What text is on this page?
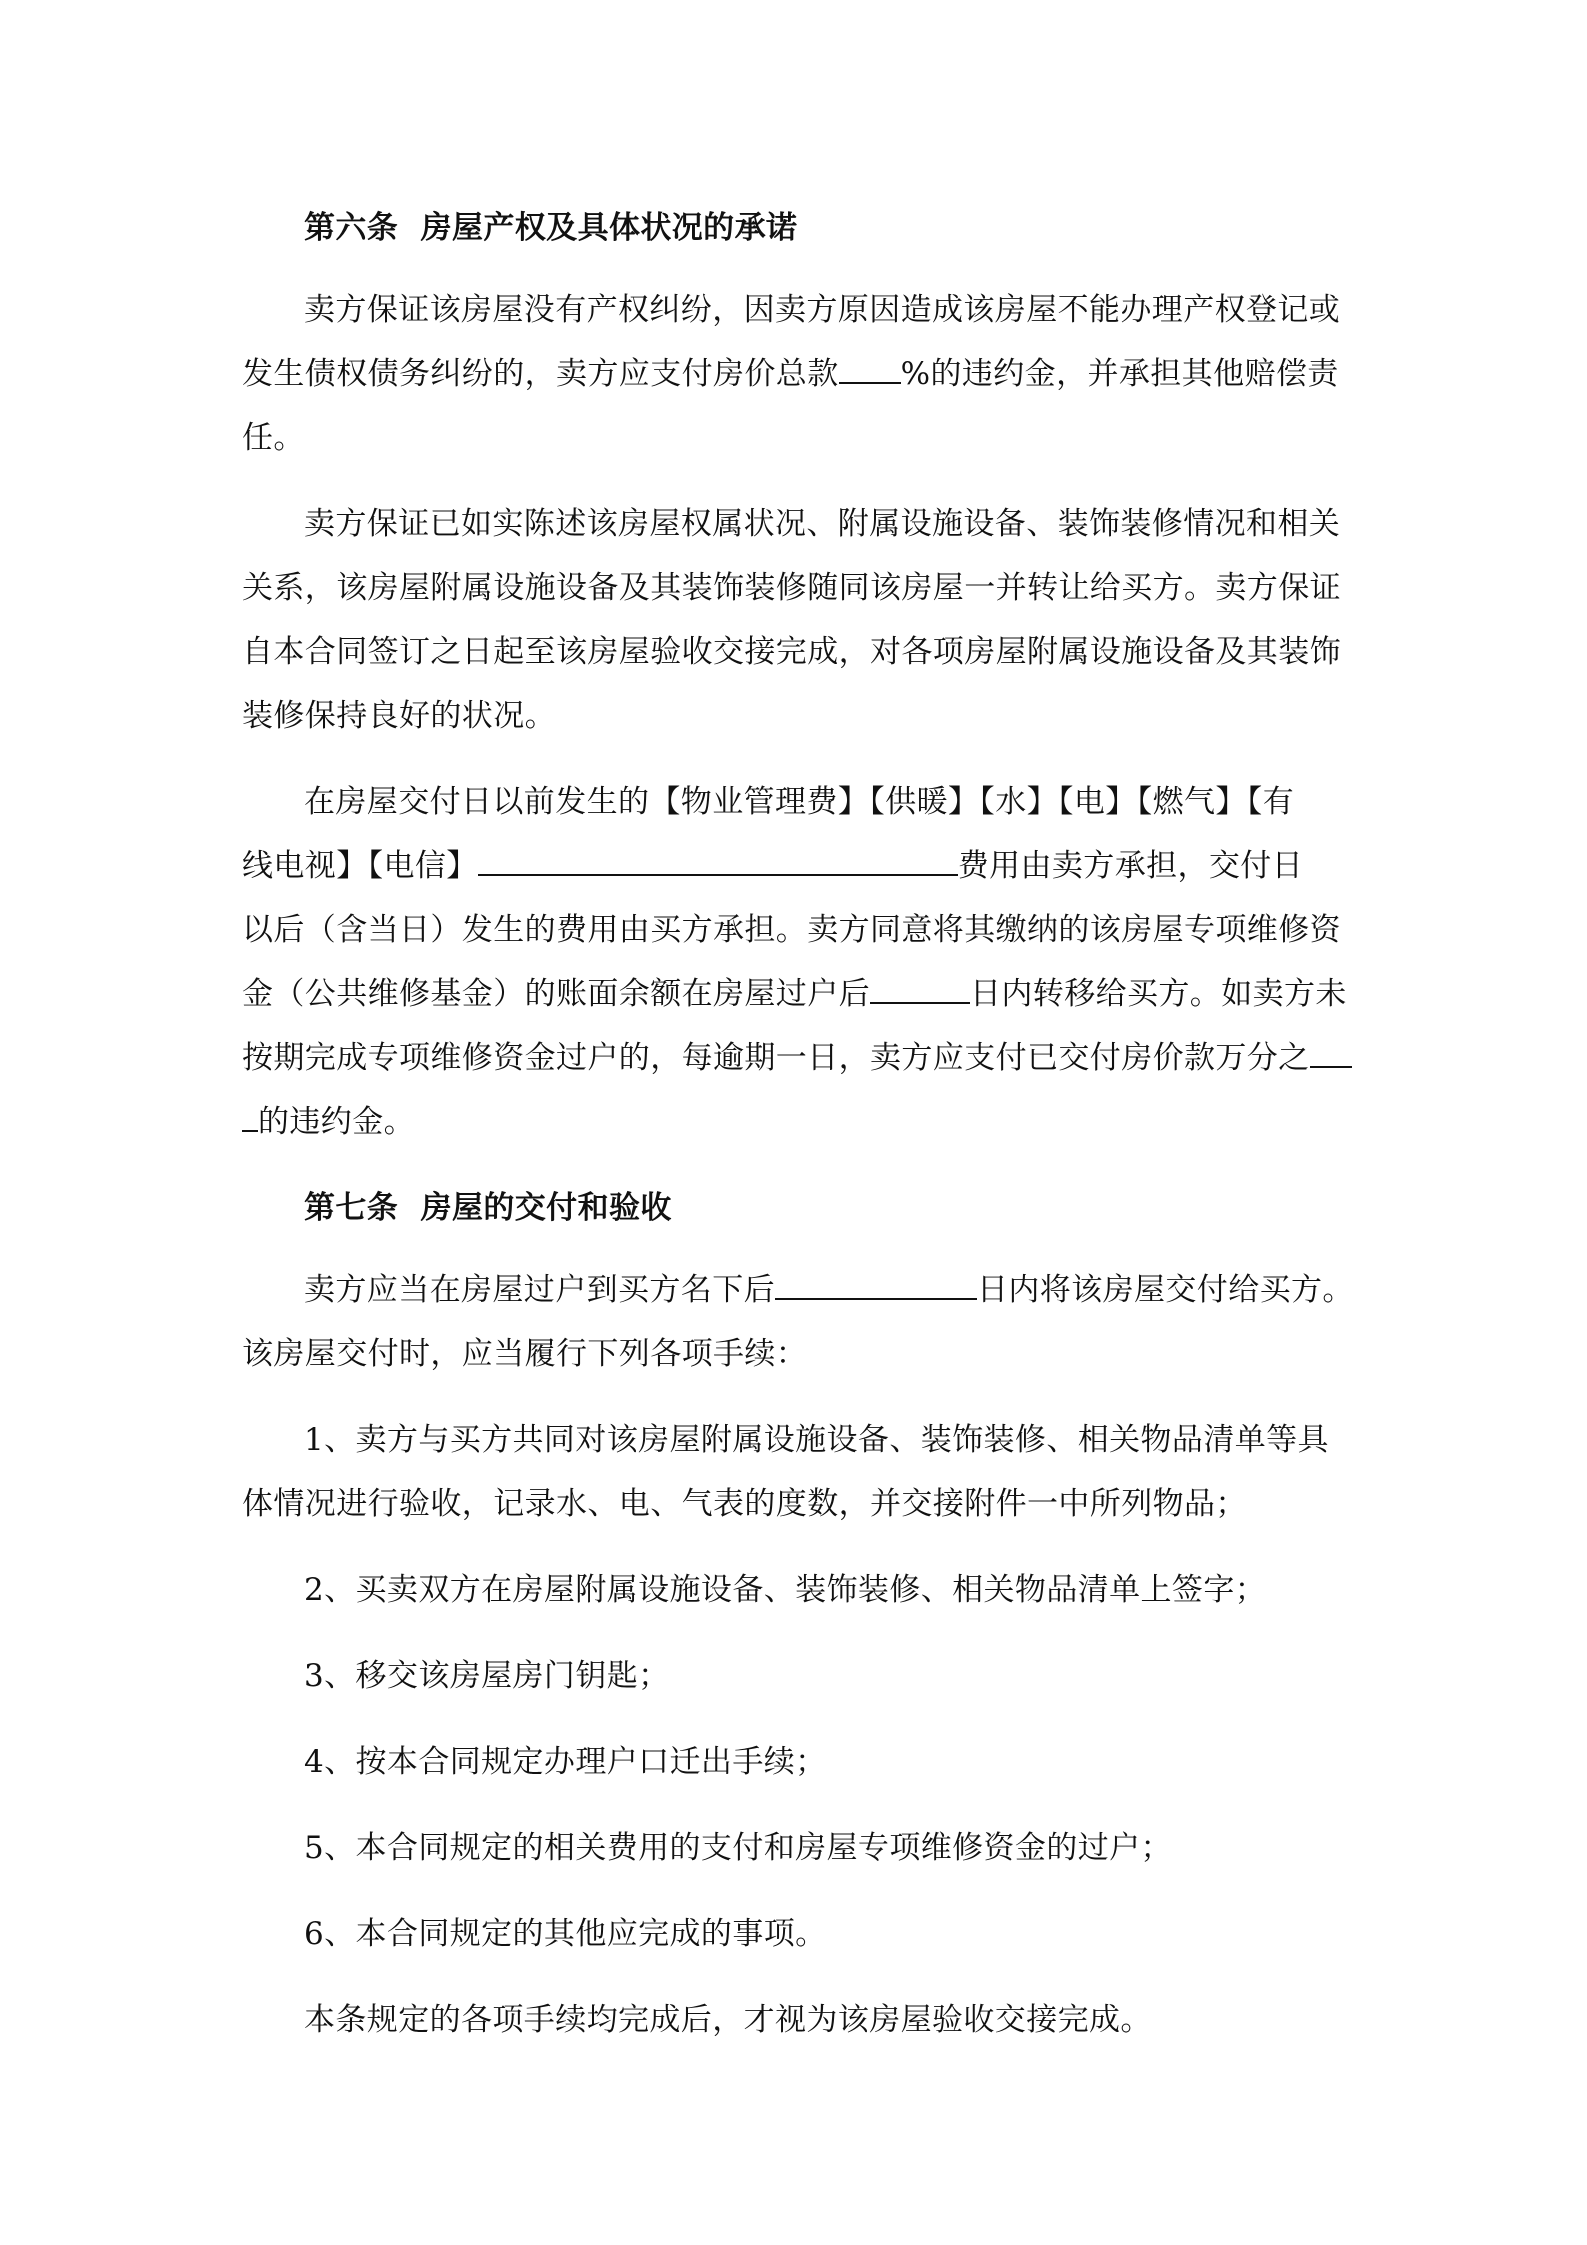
第六条  房屋产权及具体状况的承诺
卖方保证该房屋没有产权纠纷，因卖方原因造成该房屋不能办理产权登记或
发生债权债务纠纷的，卖方应支付房价总款 %的违约金，并承担其他赔偿责
任。
卖方保证已如实陈述该房屋权属状况、附属设施设备、装饰装修情况和相关
关系，该房屋附属设施设备及其装饰装修随同该房屋一并转让给买方。卖方保证
自本合同签订之日起至该房屋验收交接完成，对各项房屋附属设施设备及其装饰
装修保持良好的状况。
在房屋交付日以前发生的【物业管理费】【供暖】【水】【电】【燃气】【有
线电视】【电信】	费用由卖方承担，交付日
以后（含当日）发生的费用由买方承担。卖方同意将其缴纳的该房屋专项维修资
金（公共维修基金）的账面余额在房屋过户后	日内转移给买方。如卖方未
按期完成专项维修资金过户的，每逾期一日，卖方应支付已交付房价款万分之
的违约金。
第七条  房屋的交付和验收
卖方应当在房屋过户到买方名下后	日内将该房屋交付给买方。
该房屋交付时，应当履行下列各项手续：
1、卖方与买方共同对该房屋附属设施设备、装饰装修、相关物品清单等具
体情况进行验收，记录水、电、气表的度数，并交接附件一中所列物品；
2、买卖双方在房屋附属设施设备、装饰装修、相关物品清单上签字；
3、移交该房屋房门钥匙；
4、按本合同规定办理户口迁出手续；
5、本合同规定的相关费用的支付和房屋专项维修资金的过户；
6、本合同规定的其他应完成的事项。
本条规定的各项手续均完成后，才视为该房屋验收交接完成。
